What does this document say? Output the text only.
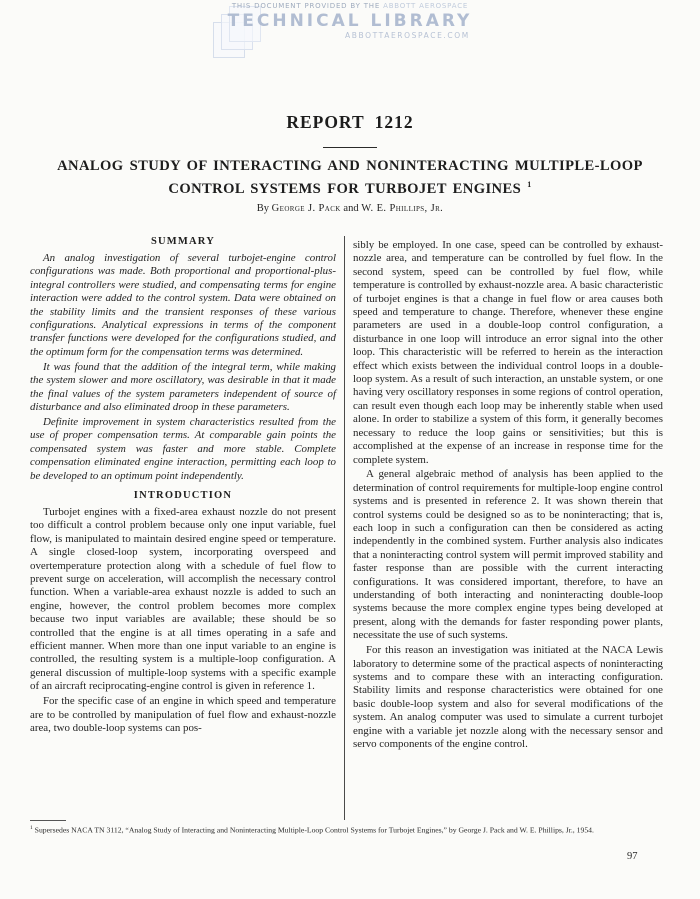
THIS DOCUMENT PROVIDED BY THE ABBOTT AEROSPACE
TECHNICAL LIBRARY
ABBOTTAEROSPACE.COM
REPORT 1212
ANALOG STUDY OF INTERACTING AND NONINTERACTING MULTIPLE-LOOP
CONTROL SYSTEMS FOR TURBOJET ENGINES $^1$
By George J. Pack and W. E. Phillips, Jr.
SUMMARY

An analog investigation of several turbojet-engine control configurations was made. Both proportional and proportional-plus-integral controllers were studied, and compensating terms for engine interaction were added to the control system. Data were obtained on the stability limits and the transient responses of these various configurations. Analytical expressions in terms of the component transfer functions were developed for the configurations studied, and the optimum form for the compensation terms was determined.

It was found that the addition of the integral term, while making the system slower and more oscillatory, was desirable in that it made the final values of the system parameters independent of source of disturbance and also eliminated droop in these parameters.

Definite improvement in system characteristics resulted from the use of proper compensation terms. At comparable gain points the compensated system was faster and more stable. Complete compensation eliminated engine interaction, permitting each loop to be developed to an optimum point independently.

INTRODUCTION

Turbojet engines with a fixed-area exhaust nozzle do not present too difficult a control problem because only one input variable, fuel flow, is manipulated to maintain desired engine speed or temperature. A single closed-loop system, incorporating overspeed and overtemperature protection along with a schedule of fuel flow to prevent surge on acceleration, will accomplish the necessary control function. When a variable-area exhaust nozzle is added to such an engine, however, the control problem becomes more complex because two input variables are available; these should be so controlled that the engine is at all times operating in a safe and efficient manner. When more than one input variable to an engine is controlled, the resulting system is a multiple-loop configuration. A general discussion of multiple-loop systems with a specific example of an aircraft reciprocating-engine control is given in reference 1.

For the specific case of an engine in which speed and temperature are to be controlled by manipulation of fuel flow and exhaust-nozzle area, two double-loop systems can pos-

sibly be employed. In one case, speed can be controlled by exhaust-nozzle area, and temperature can be controlled by fuel flow. In the second system, speed can be controlled by fuel flow, while temperature is controlled by exhaust-nozzle area. A basic characteristic of turbojet engines is that a change in fuel flow or area causes both speed and temperature to change. Therefore, whenever these engine parameters are used in a double-loop control configuration, a disturbance in one loop will introduce an error signal into the other loop. This characteristic will be referred to herein as the interaction effect which exists between the individual control loops in a double-loop system. As a result of such interaction, an unstable system, or one having very oscillatory responses in some regions of control operation, can result even though each loop may be inherently stable when used alone. In order to stabilize a system of this form, it generally becomes necessary to reduce the loop gains or sensitivities; but this is accomplished at the expense of an increase in response time for the complete system.

A general algebraic method of analysis has been applied to the determination of control requirements for multiple-loop engine control systems and is presented in reference 2. It was shown therein that control systems could be designed so as to be noninteracting; that is, each loop in such a configuration can then be considered as acting independently in the combined system. Further analysis also indicates that a noninteracting control system will permit improved stability and faster response than are possible with the current interacting configurations. It was considered important, therefore, to have an understanding of both interacting and noninteracting double-loop systems because the more complex engine types being developed at present, along with the demands for faster responding power plants, necessitate the use of such systems.

For this reason an investigation was initiated at the NACA Lewis laboratory to determine some of the practical aspects of noninteracting systems and to compare these with an interacting configuration. Stability limits and response characteristics were obtained for one basic double-loop system and also for several modifications of the system. An analog computer was used to simulate a current turbojet engine with a variable jet nozzle along with the necessary sensor and servo components of the engine control.

$^1$ Supersedes NACA TN 3112, “Analog Study of Interacting and Noninteracting Multiple-Loop Control Systems for Turbojet Engines,” by George J. Pack and W. E. Phillips, Jr., 1954.
97
